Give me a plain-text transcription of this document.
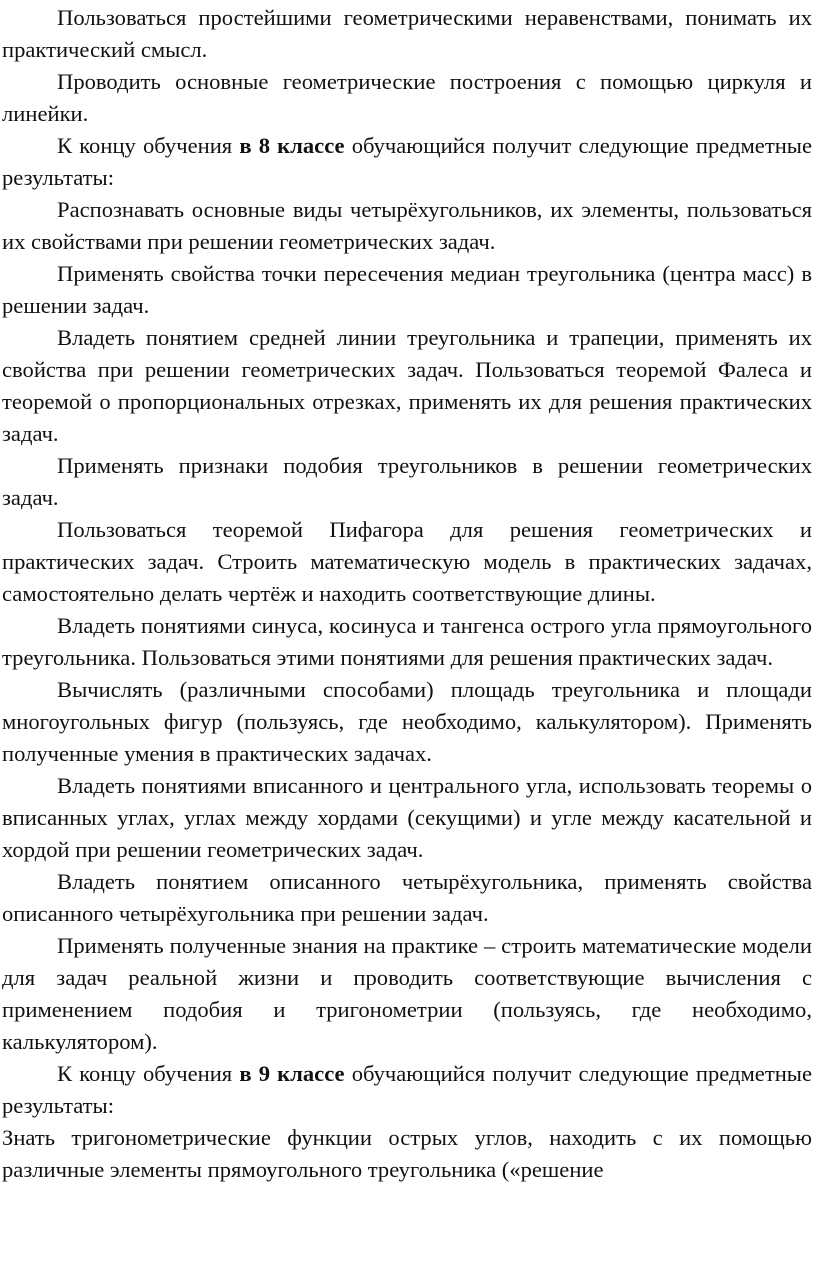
Пользоваться простейшими геометрическими неравенствами, понимать их практический смысл.

Проводить основные геометрические построения с помощью циркуля и линейки.

К концу обучения в 8 классе обучающийся получит следующие предметные результаты:

Распознавать основные виды четырёхугольников, их элементы, пользоваться их свойствами при решении геометрических задач.

Применять свойства точки пересечения медиан треугольника (центра масс) в решении задач.

Владеть понятием средней линии треугольника и трапеции, применять их свойства при решении геометрических задач. Пользоваться теоремой Фалеса и теоремой о пропорциональных отрезках, применять их для решения практических задач.

Применять признаки подобия треугольников в решении геометрических задач.

Пользоваться теоремой Пифагора для решения геометрических и практических задач. Строить математическую модель в практических задачах, самостоятельно делать чертёж и находить соответствующие длины.

Владеть понятиями синуса, косинуса и тангенса острого угла прямоугольного треугольника. Пользоваться этими понятиями для решения практических задач.

Вычислять (различными способами) площадь треугольника и площади многоугольных фигур (пользуясь, где необходимо, калькулятором). Применять полученные умения в практических задачах.

Владеть понятиями вписанного и центрального угла, использовать теоремы о вписанных углах, углах между хордами (секущими) и угле между касательной и хордой при решении геометрических задач.

Владеть понятием описанного четырёхугольника, применять свойства описанного четырёхугольника при решении задач.

Применять полученные знания на практике – строить математические модели для задач реальной жизни и проводить соответствующие вычисления с применением подобия и тригонометрии (пользуясь, где необходимо, калькулятором).

К концу обучения в 9 классе обучающийся получит следующие предметные результаты:

Знать тригонометрические функции острых углов, находить с их помощью различные элементы прямоугольного треугольника («решение
